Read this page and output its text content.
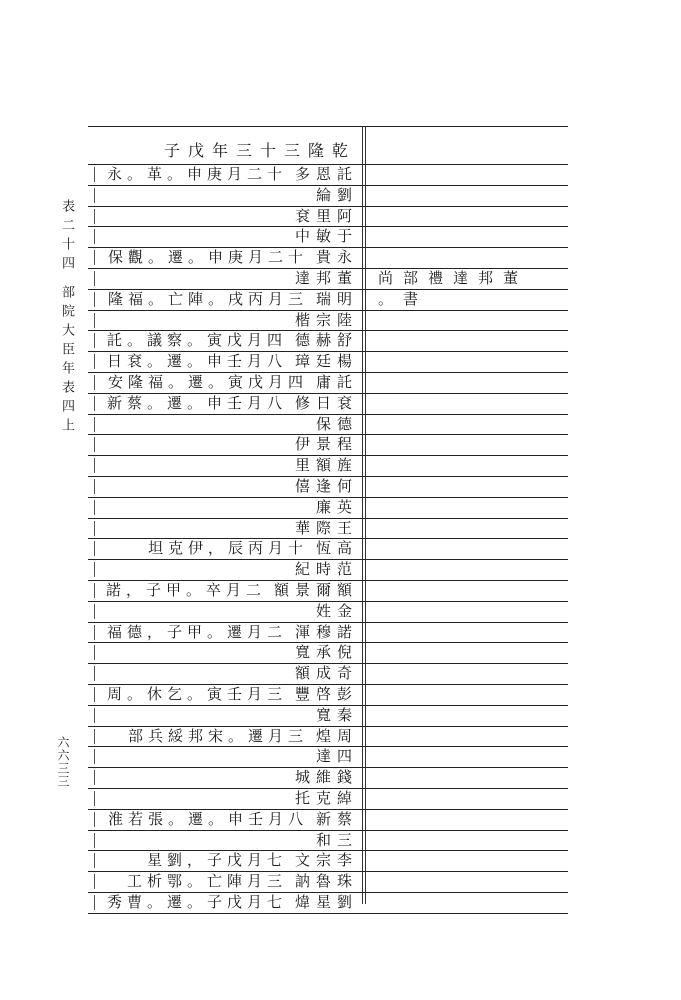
表二十四 部院大臣年表四上
六六三三
乾隆三十三年戊子
董邦達禮部尚書。
託恩多
十二月庚申。革。永
劉綸
阿里袞
于敏中
永貴
十二月庚申。遷。觀保
董邦達
明瑞
三月丙戌。陣亡。福隆
陸宗楷
舒赫德
四月戊寅。察議。託
楊廷璋
八月壬申。遷。袞日
託庸
四月戊寅。遷。福隆安
袞日修
八月壬申。遷。蔡新
德保
程景伊
旌額里
何逢僖
英廉
王際華
高恆
十月丙辰，伊克坦
范時紀
額爾景額
二月卒。甲子，諾
金姓
諾穆渾
二月遷。甲子，德福
倪承寬
奇成額
彭啓豐
三月壬寅。乞休。周
秦寬
周煌
三月遷。宋邦綏兵部
四達
錢維城
綽克托
蔡新
八月壬申。遷。張若淮
三和
李宗文
七月戊子，劉星
珠魯訥
三月陣亡。鄂析工
劉星煒
七月戊子。遷。曹秀
